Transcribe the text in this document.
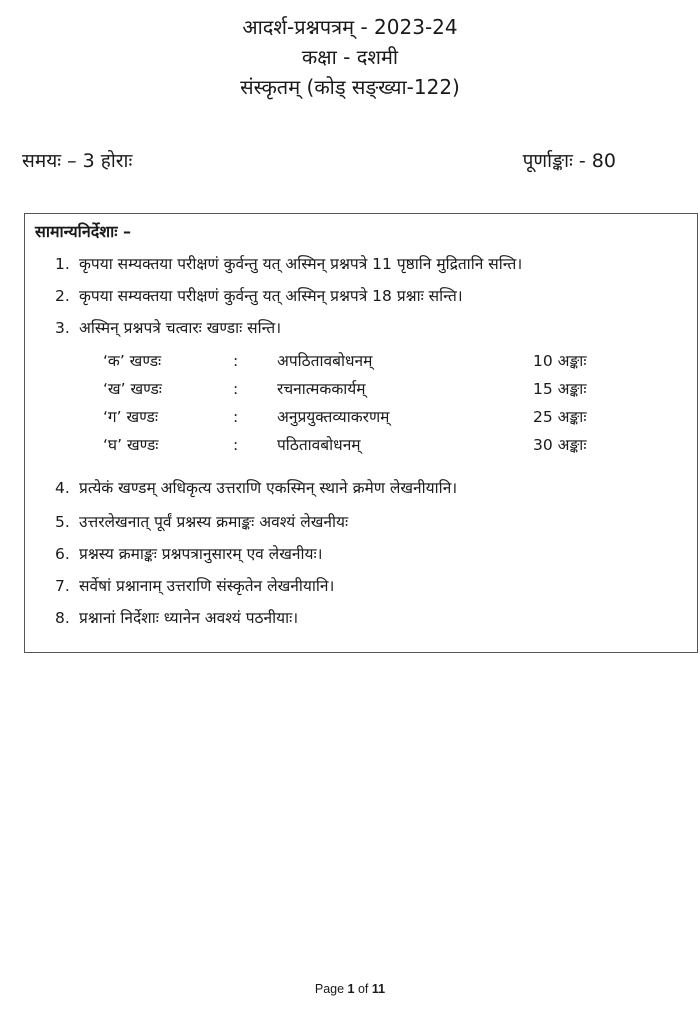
आदर्श-प्रश्नपत्रम् - 2023-24
कक्षा - दशमी
संस्कृतम् (कोड् सङ्ख्या-122)
समयः – 3 होराः	पूर्णाङ्काः - 80
सामान्यनिर्देशाः –
1. कृपया सम्यक्तया परीक्षणं कुर्वन्तु यत् अस्मिन् प्रश्नपत्रे 11 पृष्ठानि मुद्रितानि सन्ति।
2. कृपया सम्यक्तया परीक्षणं कुर्वन्तु यत् अस्मिन् प्रश्नपत्रे 18 प्रश्नाः सन्ति।
3. अस्मिन् प्रश्नपत्रे चत्वारः खण्डाः सन्ति।
‘क’ खण्डः	:	अपठितावबोधनम्	10 अङ्काः
‘ख’ खण्डः	:	रचनात्मककार्यम्	15 अङ्काः
‘ग’ खण्डः	:	अनुप्रयुक्तव्याकरणम्	25 अङ्काः
‘घ’ खण्डः	:	पठितावबोधनम्	30 अङ्काः
4. प्रत्येकं खण्डम् अधिकृत्य उत्तराणि एकस्मिन् स्थाने क्रमेण लेखनीयानि।
5. उत्तरलेखनात् पूर्वं प्रश्नस्य क्रमाङ्कः अवश्यं लेखनीयः
6. प्रश्नस्य क्रमाङ्कः प्रश्नपत्रानुसारम् एव लेखनीयः।
7. सर्वेषां प्रश्नानाम् उत्तराणि संस्कृतेन लेखनीयानि।
8. प्रश्नानां निर्देशाः ध्यानेन अवश्यं पठनीयाः।
Page 1 of 11
